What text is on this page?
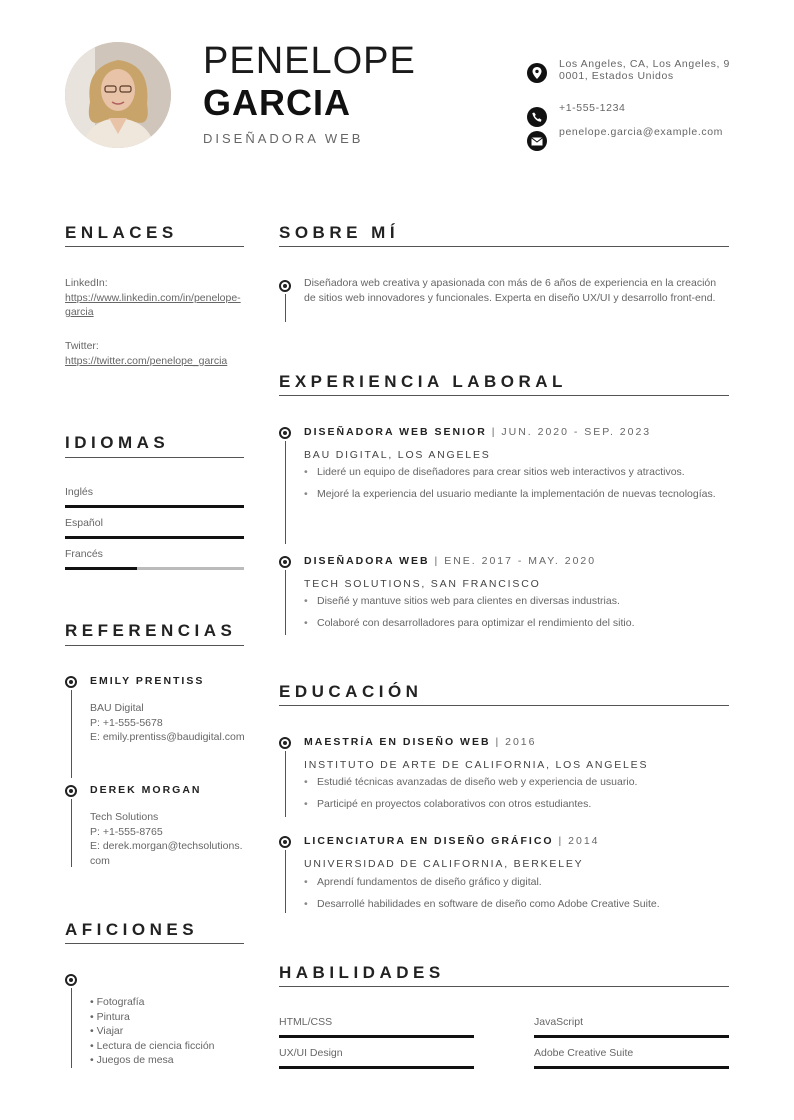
PENELOPE
GARCIA
DISEÑADORA WEB
Los Angeles, CA, Los Angeles, 90001, Estados Unidos
+1-555-1234
penelope.garcia@example.com
ENLACES
LinkedIn:
https://www.linkedin.com/in/penelope-garcia
Twitter:
https://twitter.com/penelope_garcia
IDIOMAS
Inglés
Español
Francés
REFERENCIAS
EMILY PRENTISS
BAU Digital
P: +1-555-5678
E: emily.prentiss@baudigital.com
DEREK MORGAN
Tech Solutions
P: +1-555-8765
E: derek.morgan@techsolutions.com
AFICIONES
• Fotografía
• Pintura
• Viajar
• Lectura de ciencia ficción
• Juegos de mesa
SOBRE MÍ
Diseñadora web creativa y apasionada con más de 6 años de experiencia en la creación de sitios web innovadores y funcionales. Experta en diseño UX/UI y desarrollo front-end.
EXPERIENCIA LABORAL
DISEÑADORA WEB SENIOR | JUN. 2020 - SEP. 2023
BAU DIGITAL, LOS ANGELES
• Lideré un equipo de diseñadores para crear sitios web interactivos y atractivos.
• Mejoré la experiencia del usuario mediante la implementación de nuevas tecnologías.
DISEÑADORA WEB | ENE. 2017 - MAY. 2020
TECH SOLUTIONS, SAN FRANCISCO
• Diseñé y mantuve sitios web para clientes en diversas industrias.
• Colaboré con desarrolladores para optimizar el rendimiento del sitio.
EDUCACIÓN
MAESTRÍA EN DISEÑO WEB | 2016
INSTITUTO DE ARTE DE CALIFORNIA, LOS ANGELES
• Estudié técnicas avanzadas de diseño web y experiencia de usuario.
• Participé en proyectos colaborativos con otros estudiantes.
LICENCIATURA EN DISEÑO GRÁFICO | 2014
UNIVERSIDAD DE CALIFORNIA, BERKELEY
• Aprendí fundamentos de diseño gráfico y digital.
• Desarrollé habilidades en software de diseño como Adobe Creative Suite.
HABILIDADES
HTML/CSS	JavaScript
UX/UI Design	Adobe Creative Suite
